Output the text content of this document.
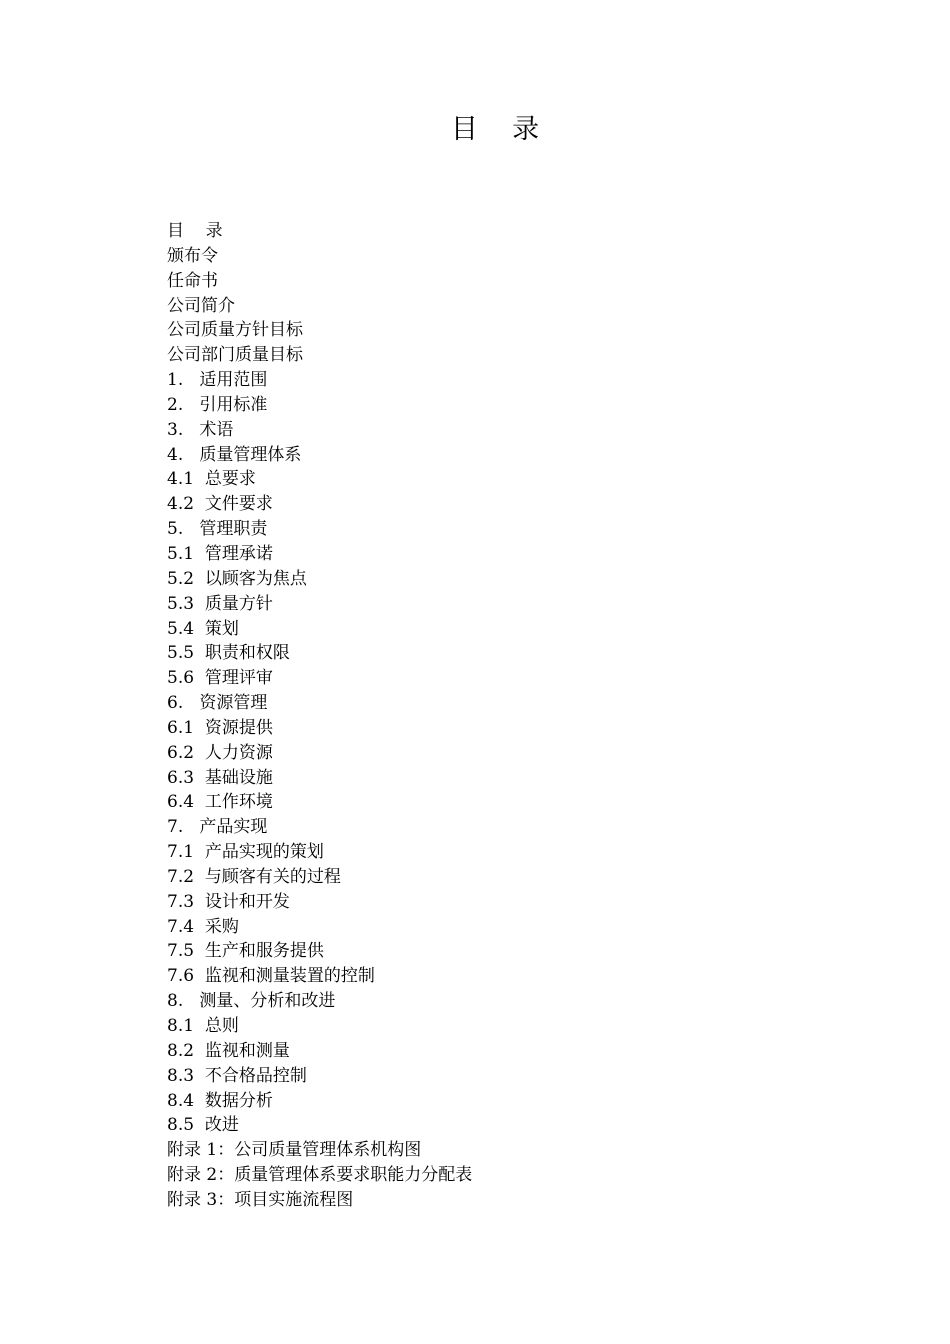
目    录
目    录
颁布令
任命书
公司简介
公司质量方针目标
公司部门质量目标
1.   适用范围
2.   引用标准
3.   术语
4.   质量管理体系
4.1  总要求
4.2  文件要求
5.   管理职责
5.1  管理承诺
5.2  以顾客为焦点
5.3  质量方针
5.4  策划
5.5  职责和权限
5.6  管理评审
6.   资源管理
6.1  资源提供
6.2  人力资源
6.3  基础设施
6.4  工作环境
7.   产品实现
7.1  产品实现的策划
7.2  与顾客有关的过程
7.3  设计和开发
7.4  采购
7.5  生产和服务提供
7.6  监视和测量装置的控制
8.   测量、分析和改进
8.1  总则
8.2  监视和测量
8.3  不合格品控制
8.4  数据分析
8.5  改进
附录 1：公司质量管理体系机构图
附录 2：质量管理体系要求职能力分配表
附录 3：项目实施流程图
